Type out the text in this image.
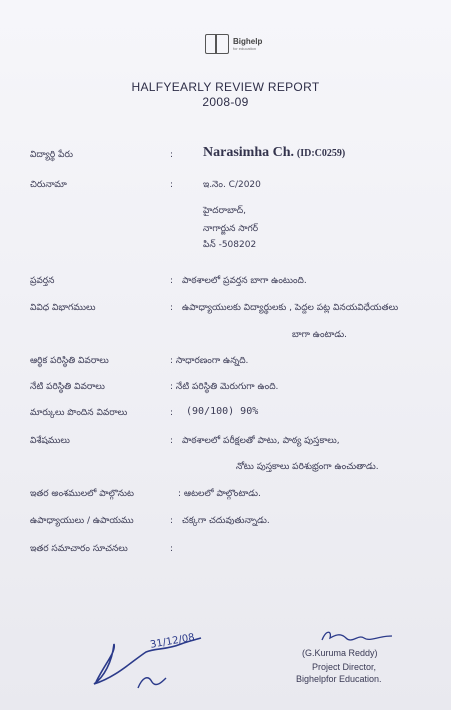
Bighelp
for education
HALFYEARLY REVIEW REPORT
2008-09
విద్యార్థి పేరు	: Narasimha Ch. (ID:C0259)
చిరునామా	:	ఇ.నెం. C/2020
హైదరాబాద్,
నాగార్జున సాగర్
పిన్ -508202
ప్రవర్తన	: పాఠశాలలో ప్రవర్తన బాగా ఉంటుంది.
వివిధ విభాగములు	: ఉపాధ్యాయులకు విద్యార్థులకు , పెద్దల పట్ల వినయవిధేయతలు
బాగా ఉంటాడు.
ఆర్థిక పరిస్థితి వివరాలు	: సాధారణంగా ఉన్నది.
నేటి పరిస్థితి వివరాలు	: నేటి పరిస్థితి మెరుగుగా ఉంది.
మార్కులు పొందిన వివరాలు	: (90/100) 90%
విశేషములు	: పాఠశాలలో పరీక్షలతో పాటు, పాఠ్య పుస్తకాలు,
నోటు పుస్తకాలు పరిశుభ్రంగా ఉంచుతాడు.
ఇతర అంశములలో పాల్గొనుట	: ఆటలలో పాల్గొంటాడు.
ఉపాధ్యాయులు / ఉపాయము	: చక్కగా చదువుతున్నాడు.
ఇతర సమాచారం సూచనలు	:
31/12/08
(G.Kuruma Reddy)
Project Director,
Bighelpfor Education.
